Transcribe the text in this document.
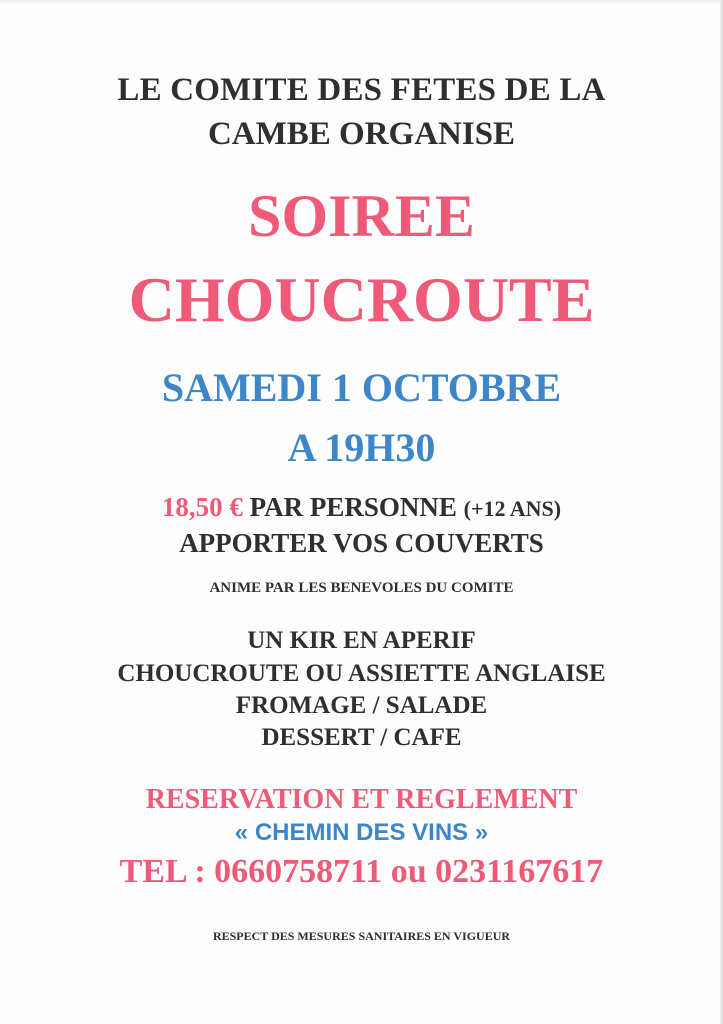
LE COMITE DES FETES DE LA

CAMBE ORGANISE

SOIREE

CHOUCROUTE

SAMEDI 1 OCTOBRE

A 19H30

18,50 € PAR PERSONNE (+12 ANS)

APPORTER VOS COUVERTS

ANIME PAR LES BENEVOLES DU COMITE

UN KIR EN APERIF

CHOUCROUTE OU ASSIETTE ANGLAISE

FROMAGE / SALADE

DESSERT / CAFE

RESERVATION ET REGLEMENT

« CHEMIN DES VINS »

TEL : 0660758711 ou 0231167617

RESPECT DES MESURES SANITAIRES EN VIGUEUR
